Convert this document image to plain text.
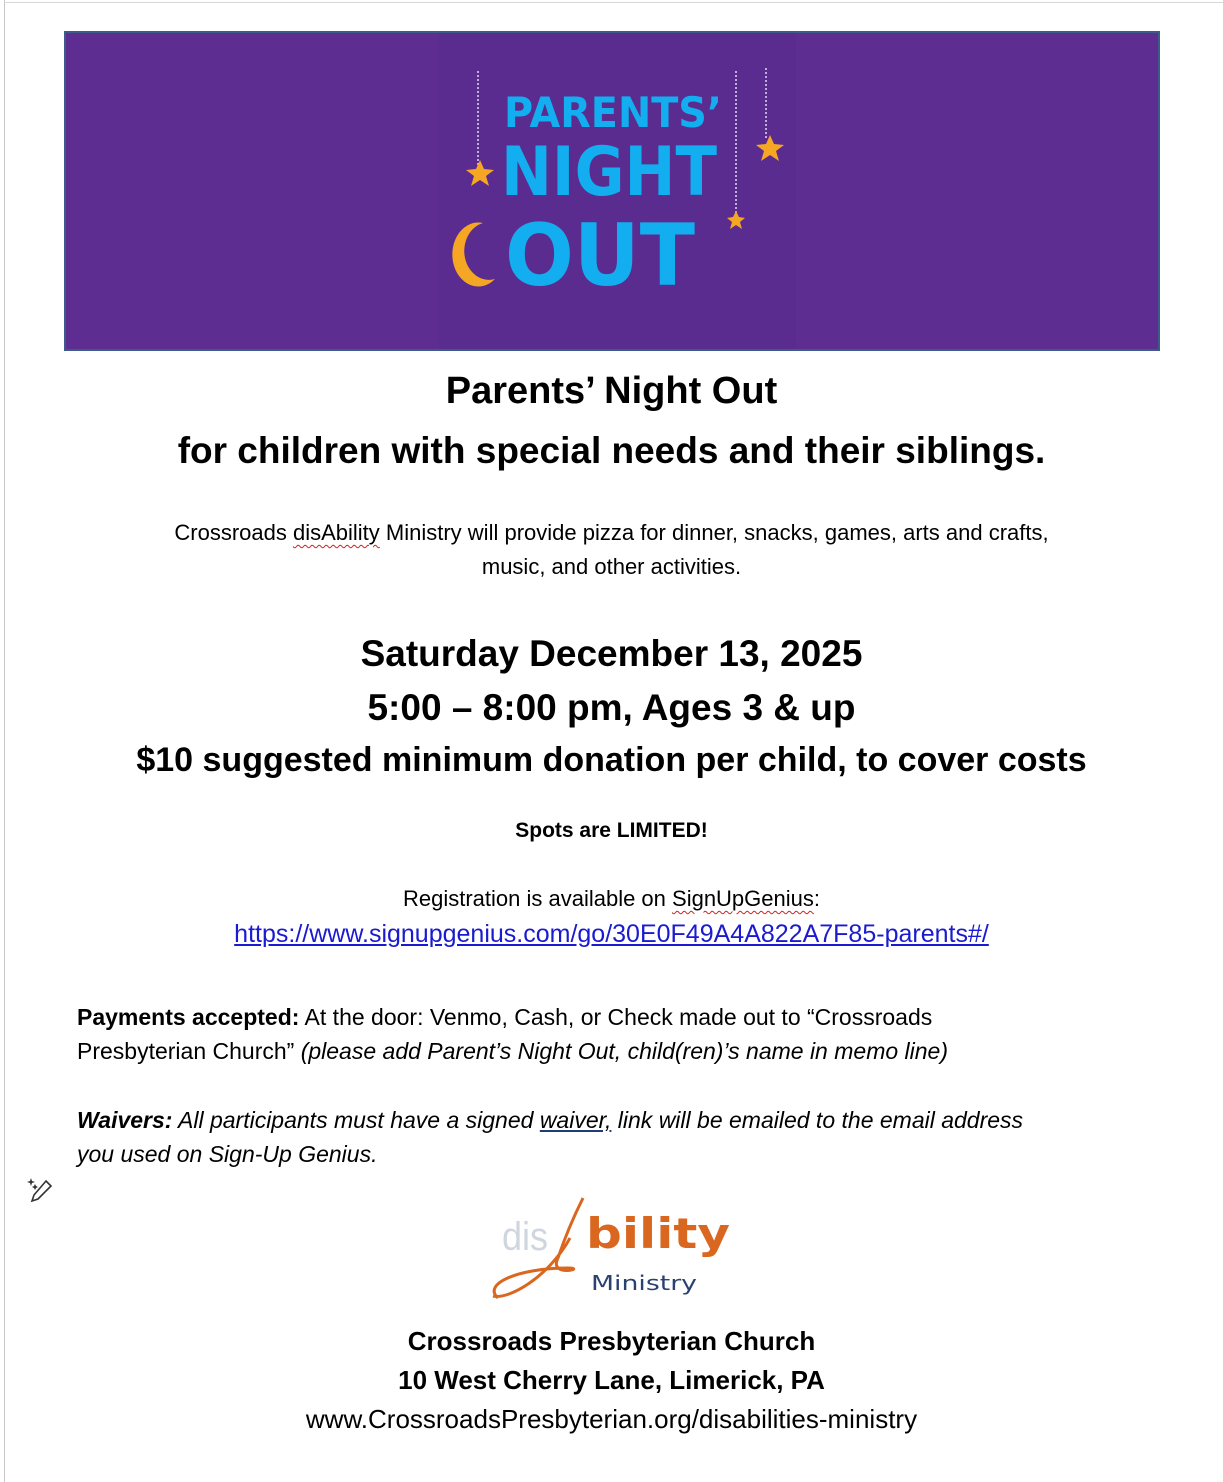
PARENTS’
NIGHT
OUT
Parents’ Night Out
for children with special needs and their siblings.
Crossroads disAbility Ministry will provide pizza for dinner, snacks, games, arts and crafts,
music, and other activities.
Saturday December 13, 2025
5:00 – 8:00 pm, Ages 3 & up
$10 suggested minimum donation per child, to cover costs
Spots are LIMITED!
Registration is available on SignUpGenius:
https://www.signupgenius.com/go/30E0F49A4A822A7F85-parents#/
Payments accepted: At the door: Venmo, Cash, or Check made out to “Crossroads
Presbyterian Church” (please add Parent’s Night Out, child(ren)’s name in memo line)
Waivers: All participants must have a signed waiver, link will be emailed to the email address
you used on Sign-Up Genius.
dis bility
Ministry
Crossroads Presbyterian Church
10 West Cherry Lane, Limerick, PA
www.CrossroadsPresbyterian.org/disabilities-ministry
